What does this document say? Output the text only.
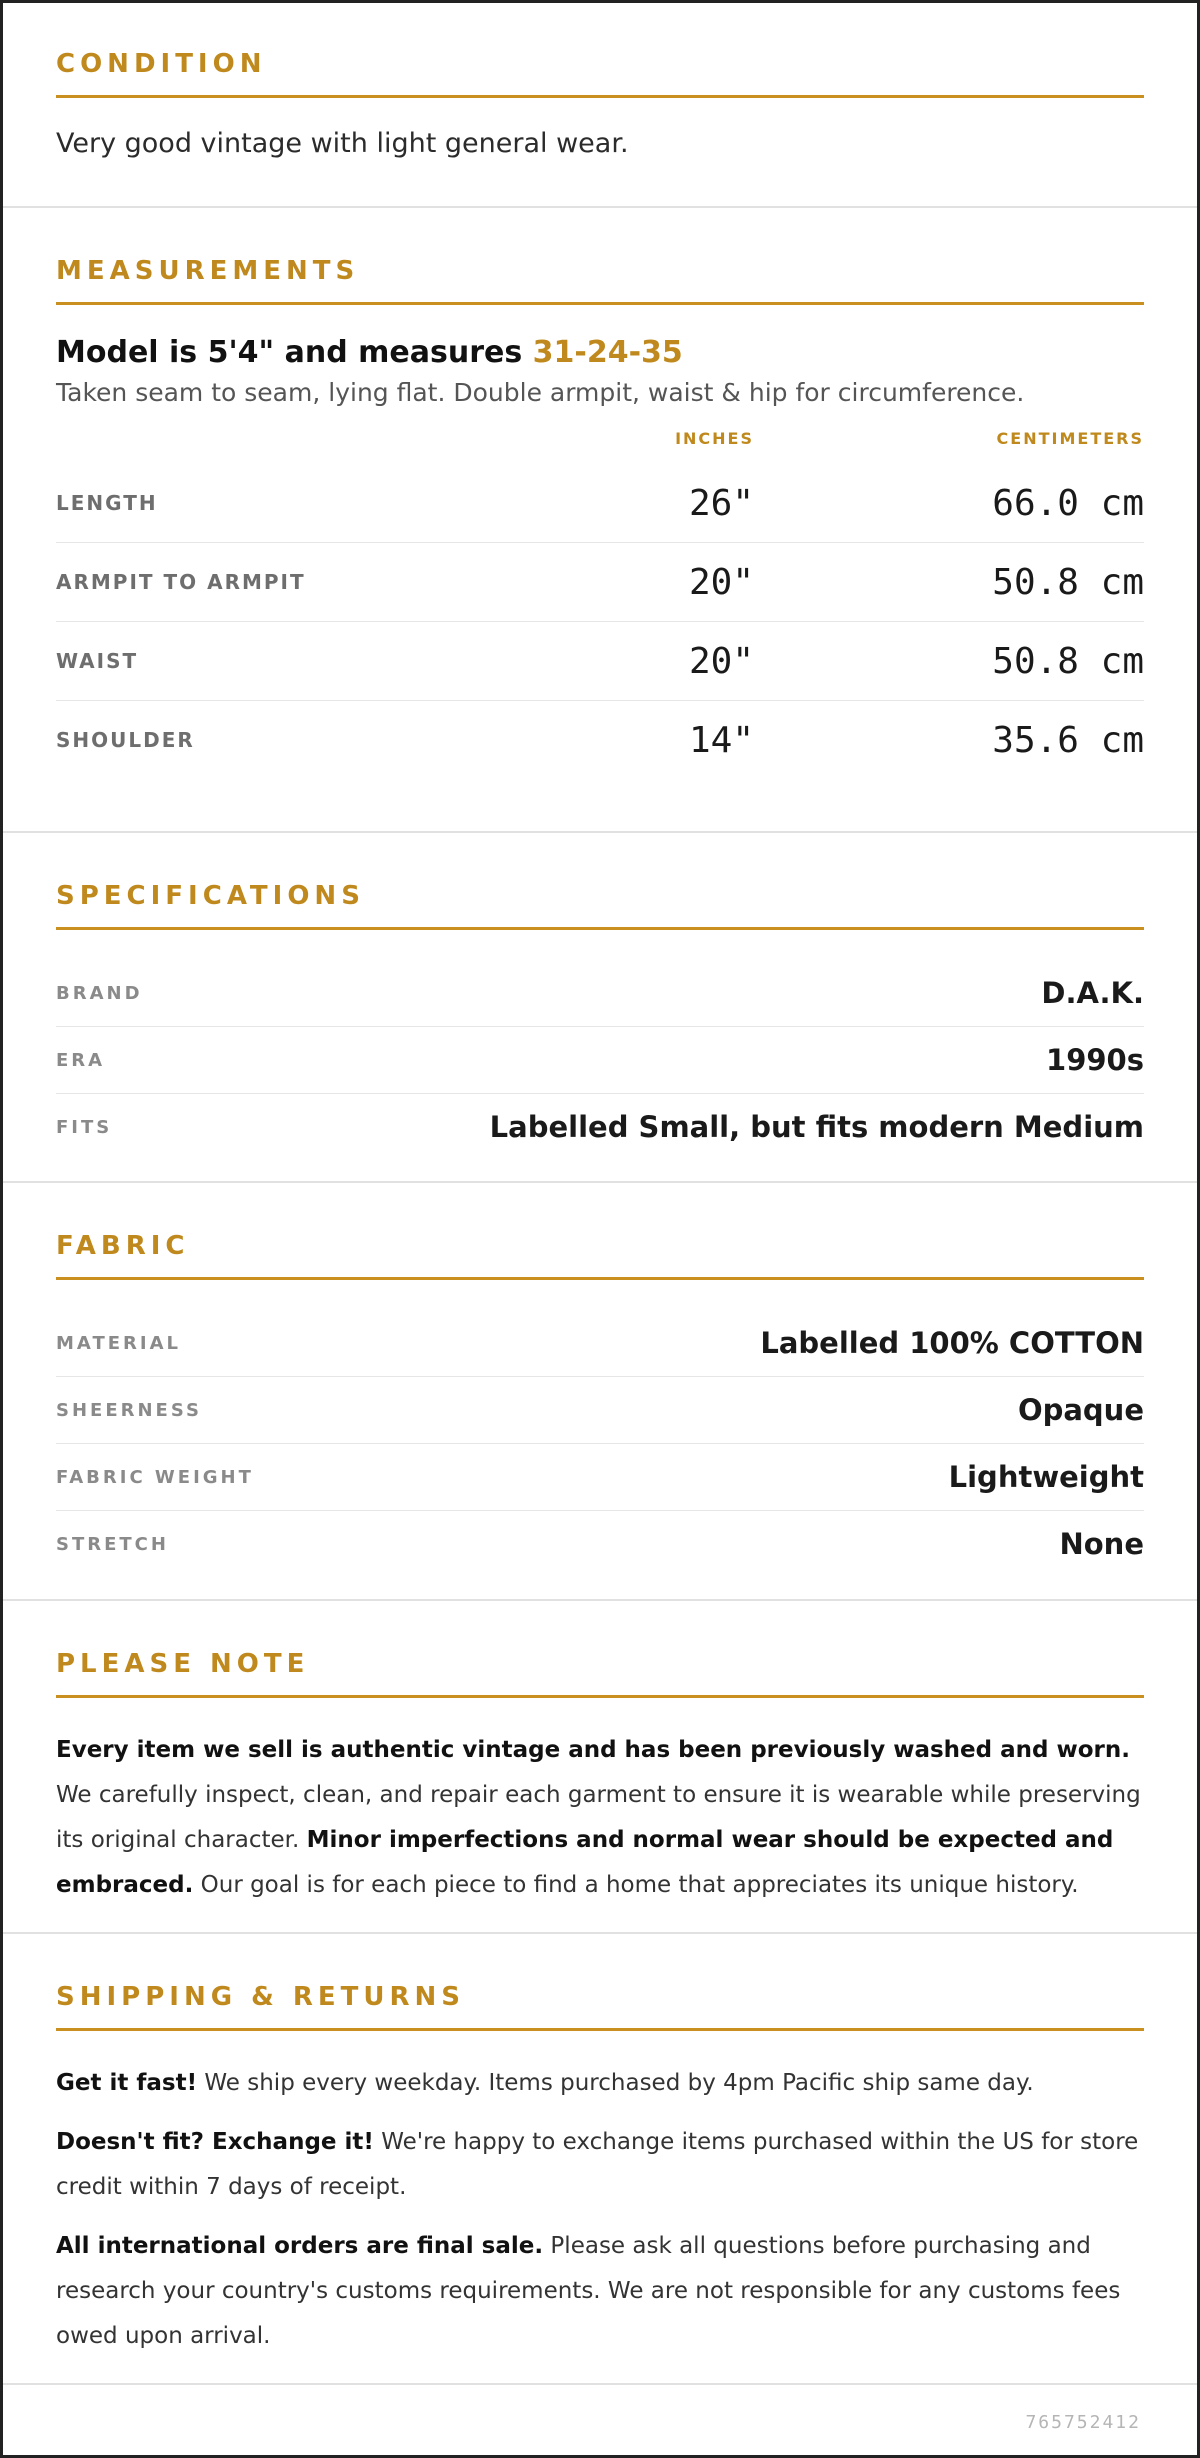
CONDITION
Very good vintage with light general wear.
MEASUREMENTS
Model is 5'4" and measures 31-24-35
Taken seam to seam, lying flat. Double armpit, waist & hip for circumference.
INCHES	CENTIMETERS
LENGTH	26"	66.0 cm
ARMPIT TO ARMPIT	20"	50.8 cm
WAIST	20"	50.8 cm
SHOULDER	14"	35.6 cm
SPECIFICATIONS
BRAND	D.A.K.
ERA	1990s
FITS	Labelled Small, but fits modern Medium
FABRIC
MATERIAL	Labelled 100% COTTON
SHEERNESS	Opaque
FABRIC WEIGHT	Lightweight
STRETCH	None
PLEASE NOTE

Every item we sell is authentic vintage and has been previously washed and worn. We carefully inspect, clean, and repair each garment to ensure it is wearable while preserving its original character. Minor imperfections and normal wear should be expected and embraced. Our goal is for each piece to find a home that appreciates its unique history.

SHIPPING & RETURNS

Get it fast! We ship every weekday. Items purchased by 4pm Pacific ship same day.

Doesn't fit? Exchange it! We're happy to exchange items purchased within the US for store credit within 7 days of receipt.

All international orders are final sale. Please ask all questions before purchasing and research your country's customs requirements. We are not responsible for any customs fees owed upon arrival.

765752412
